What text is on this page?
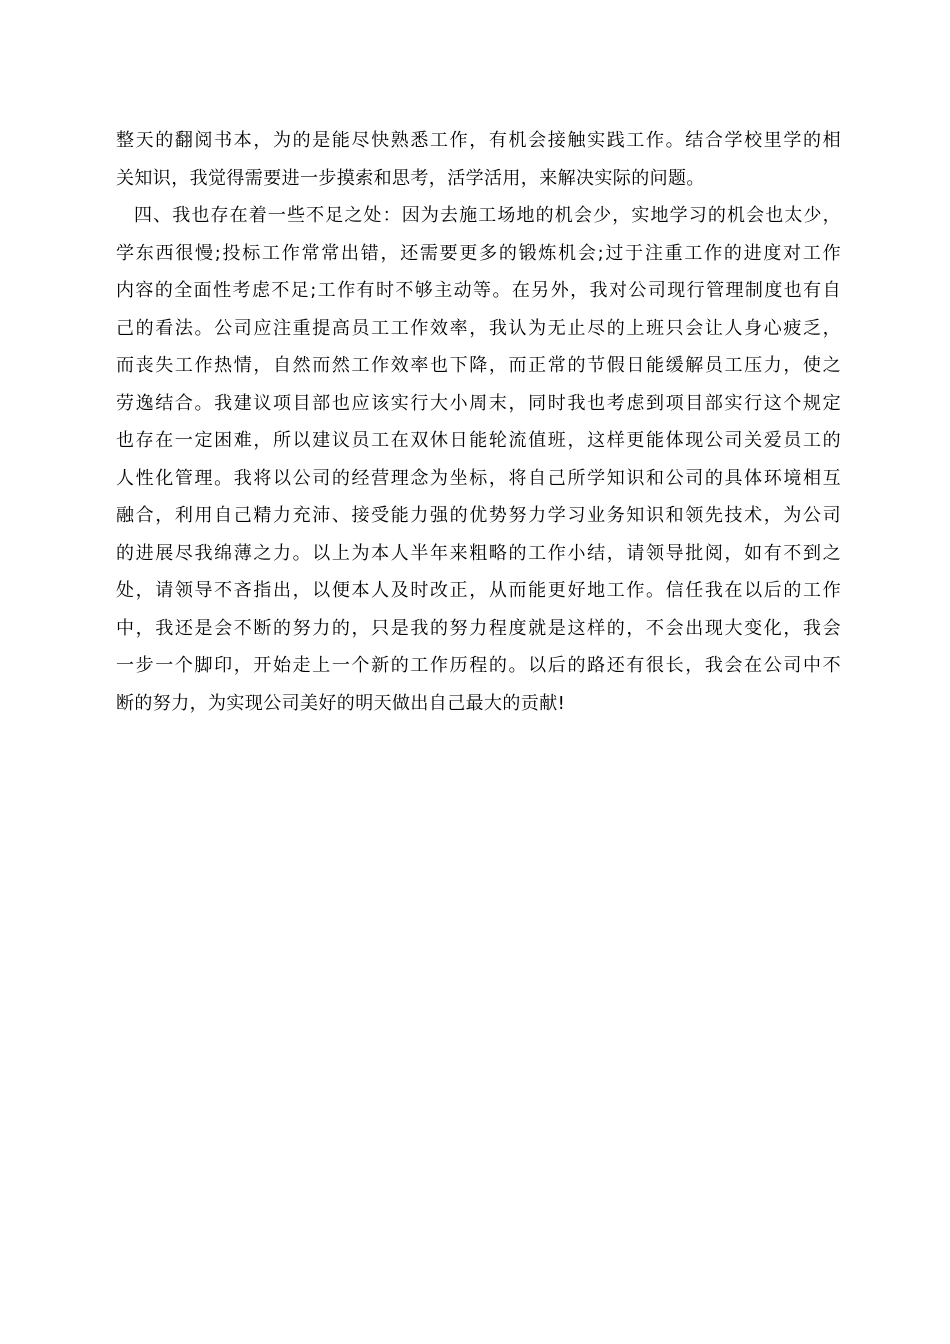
整天的翻阅书本，为的是能尽快熟悉工作，有机会接触实践工作。结合学校里学的相
关知识，我觉得需要进一步摸索和思考，活学活用，来解决实际的问题。
四、我也存在着一些不足之处：因为去施工场地的机会少，实地学习的机会也太少，
学东西很慢;投标工作常常出错，还需要更多的锻炼机会;过于注重工作的进度对工作
内容的全面性考虑不足;工作有时不够主动等。在另外，我对公司现行管理制度也有自
己的看法。公司应注重提高员工工作效率，我认为无止尽的上班只会让人身心疲乏，
而丧失工作热情，自然而然工作效率也下降，而正常的节假日能缓解员工压力，使之
劳逸结合。我建议项目部也应该实行大小周末，同时我也考虑到项目部实行这个规定
也存在一定困难，所以建议员工在双休日能轮流值班，这样更能体现公司关爱员工的
人性化管理。我将以公司的经营理念为坐标，将自己所学知识和公司的具体环境相互
融合，利用自己精力充沛、接受能力强的优势努力学习业务知识和领先技术，为公司
的进展尽我绵薄之力。以上为本人半年来粗略的工作小结，请领导批阅，如有不到之
处，请领导不吝指出，以便本人及时改正，从而能更好地工作。信任我在以后的工作
中，我还是会不断的努力的，只是我的努力程度就是这样的，不会出现大变化，我会
一步一个脚印，开始走上一个新的工作历程的。以后的路还有很长，我会在公司中不
断的努力，为实现公司美好的明天做出自己最大的贡献!
